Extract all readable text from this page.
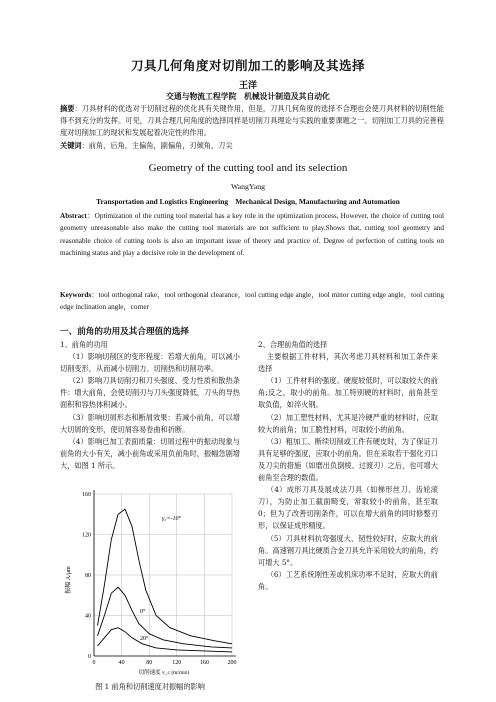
刀具几何角度对切削加工的影响及其选择
王洋
交通与物流工程学院　机械设计制造及其自动化
摘要：刀具材料的优选对于切削过程的优化具有关键作用，但是，刀具几何角度的选择不合理也会使刀具材料的切削性能得不到充分的发挥。可见，刀具合理几何角度的选择同样是切削刀具理论与实践的重要课题之一。切削加工刀具的完善程度对切削加工的现状和发展起着决定性的作用。
关键词：前角，后角，主偏角，副偏角，刃倾角，刀尖
Geometry of the cutting tool and its selection
WangYang
Transportation and Logistics Engineering　Mechanical Design, Manufacturing and Automation
Abstract：Optimization of the cutting tool material has a key role in the optimization process, However, the choice of cutting tool geometry unreasonable also make the cutting tool materials are not sufficient to play.Shows that, cutting tool geometry and reasonable choice of cutting tools is also an important issue of theory and practice of. Degree of perfection of cutting tools on machining status and play a decisive role in the development of.
Keywords：tool orthogonal rake，tool orthogonal clearance，tool cutting edge angle，tool minor cutting edge angle，tool cutting edge inclination angle，corner
一、前角的功用及其合理值的选择

1、前角的功用

（1）影响切削区的变形程度：若增大前角，可以减小切削变形，从而减小切削力、切削热和切削功率。

（2）影响刀具切削刃和刀头强度、受力性质和散热条件：增大前角，会使切削刃与刀头强度降低，刀头的导热面积和容热体积减小。

（3）影响切屑形态和断屑效果：若减小前角，可以增大切屑的变形，使切屑容易卷曲和折断。

（4）影响已加工表面质量：切屑过程中的振动现象与前角的大小有关，减小前角或采用负前角时，振幅急剧增大，如图 1 所示。

2、合理前角值的选择

主要根据工件材料，其次考虑刀具材料和加工条件来选择

（1）工件材料的强度、硬度较低时，可以取较大的前角;反之，取小的前角。加工特别硬的材料时，前角甚至取负值，如淬火钢。

（2）加工塑性材料，尤其是冷硬严重的材料时，应取较大的前角；加工脆性材料，可取较小的前角。

（3）粗加工、断续切削或工件有硬皮时，为了保证刀具有足够的强度，应取小的前角。但在采取若干强化刃口及刀尖的措施（如磨出负倒棱、过渡刃）之后，也可增大前角至合理的数值。

（4）成形刀具及展成法刀具（如梯形丝刀、齿轮滚刀），为防止加工截面畸变，常取较小的前角，甚至取 0；但为了改善切削条件，可以在增大前角的同时修整刃形，以保证成形精度。

（5）刀具材料抗弯强度大、韧性较好时，应取大的前角。高速钢刀具比硬质合金刀具允许采用较大的前角，约可增大 5°。

（6）工艺系统刚性差或机床功率不足时，应取大的前角。

0
40
80
120
160
0	40	80	120	160	200
振幅 A/μm
切削速度 v_c (m/min)
γ₀=-10°
0°
20°
图 1 前角和切削速度对振幅的影响
